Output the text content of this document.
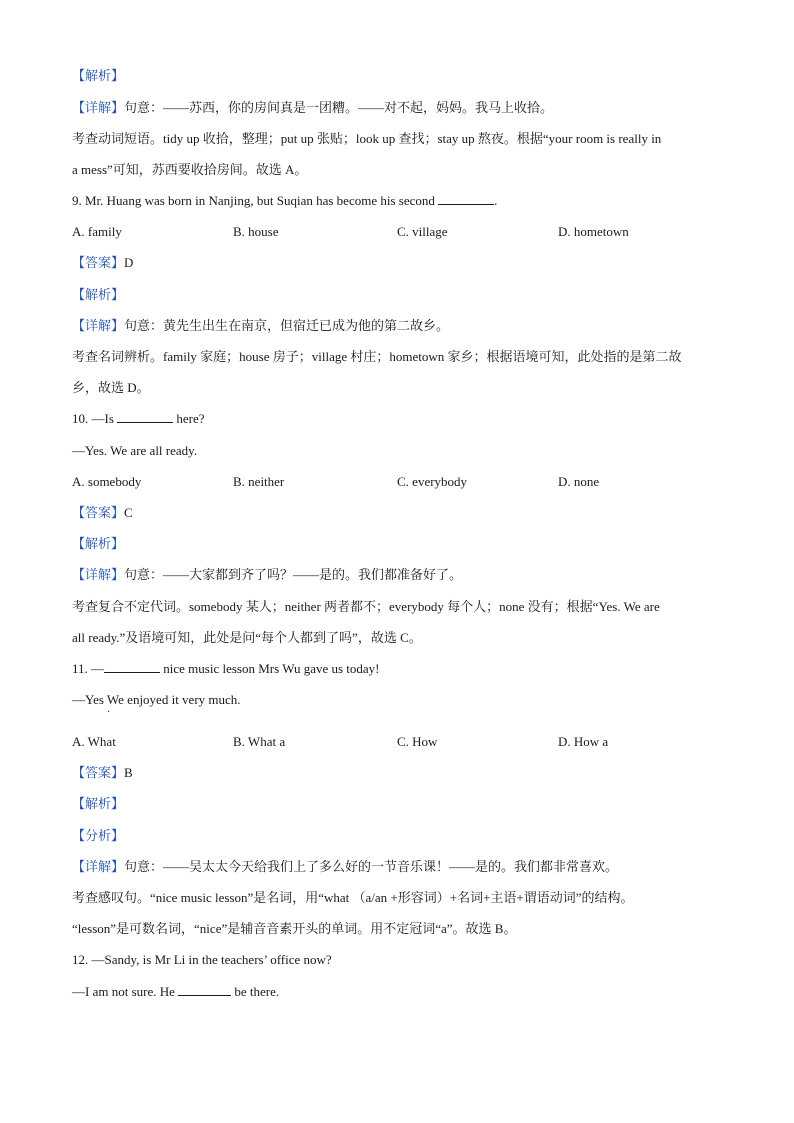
【解析】
【详解】句意：——苏西，你的房间真是一团糟。——对不起，妈妈。我马上收拾。
考查动词短语。tidy up 收拾，整理；put up 张贴；look up 查找；stay up 熬夜。根据“your room is really in
a mess”可知，苏西要收拾房间。故选 A。
9. Mr. Huang was born in Nanjing, but Suqian has become his second	.
A. family	B. house	C. village	D. hometown
【答案】D
【解析】
【详解】句意：黄先生出生在南京，但宿迁已成为他的第二故乡。
考查名词辨析。family 家庭；house 房子；village 村庄；hometown 家乡；根据语境可知，此处指的是第二故
乡，故选 D。
10. —Is	here?
—Yes. We are all ready.
A. somebody	B. neither	C. everybody	D. none
【答案】C
【解析】
【详解】句意：——大家都到齐了吗？——是的。我们都准备好了。
考查复合不定代词。somebody 某人；neither 两者都不；everybody 每个人；none 没有；根据“Yes. We are
all ready.”及语境可知，此处是问“每个人都到了吗”，故选 C。
11. —	nice music lesson Mrs Wu gave us today!
—Yes We enjoyed it very much.
·
A. What	B. What a	C. How	D. How a
【答案】B
【解析】
【分析】
【详解】句意：——吴太太今天给我们上了多么好的一节音乐课！——是的。我们都非常喜欢。
考查感叹句。“nice music lesson”是名词，用“what （a/an +形容词）+名词+主语+谓语动词”的结构。
“lesson”是可数名词，“nice”是辅音音素开头的单词。用不定冠词“a”。故选 B。
12. —Sandy, is Mr Li in the teachers’ office now?
—I am not sure. He	be there.
